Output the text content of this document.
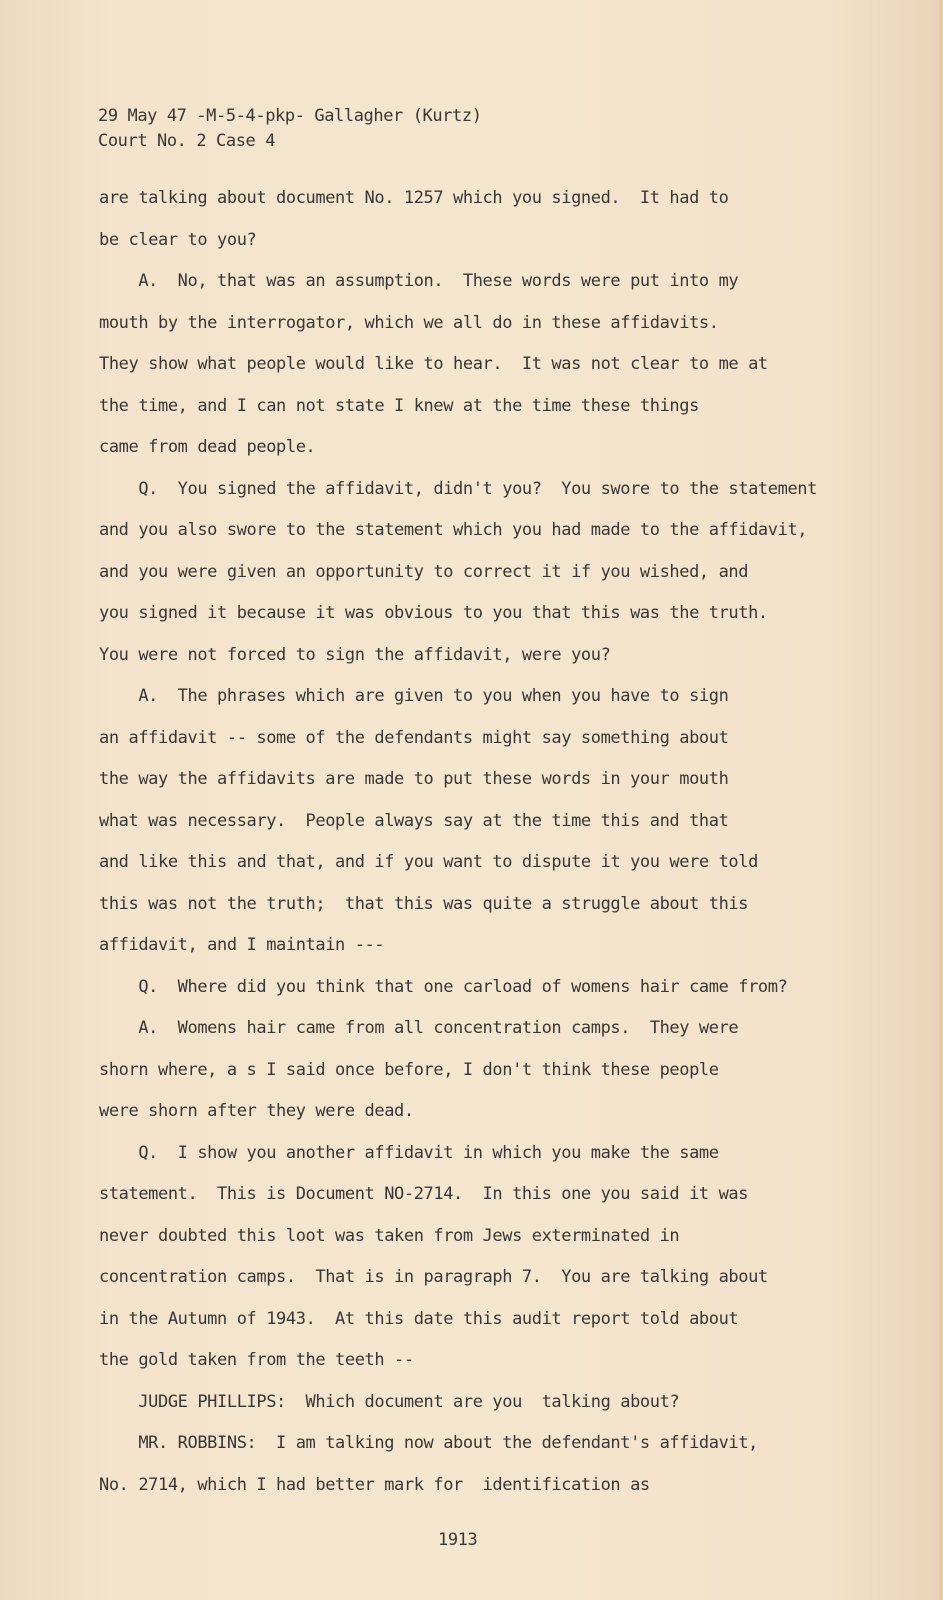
29 May 47 -M-5-4-pkp- Gallagher (Kurtz)
Court No. 2 Case 4
are talking about document No. 1257 which you signed.  It had to
be clear to you?
A.  No, that was an assumption.  These words were put into my
mouth by the interrogator, which we all do in these affidavits.
They show what people would like to hear.  It was not clear to me at
the time, and I can not state I knew at the time these things
came from dead people.
Q.  You signed the affidavit, didn't you?  You swore to the statement
and you also swore to the statement which you had made to the affidavit,
and you were given an opportunity to correct it if you wished, and
you signed it because it was obvious to you that this was the truth.
You were not forced to sign the affidavit, were you?
A.  The phrases which are given to you when you have to sign
an affidavit -- some of the defendants might say something about
the way the affidavits are made to put these words in your mouth
what was necessary.  People always say at the time this and that
and like this and that, and if you want to dispute it you were told
this was not the truth;  that this was quite a struggle about this
affidavit, and I maintain ---
Q.  Where did you think that one carload of womens hair came from?
A.  Womens hair came from all concentration camps.  They were
shorn where, a s I said once before, I don't think these people
were shorn after they were dead.
Q.  I show you another affidavit in which you make the same
statement.  This is Document NO-2714.  In this one you said it was
never doubted this loot was taken from Jews exterminated in
concentration camps.  That is in paragraph 7.  You are talking about
in the Autumn of 1943.  At this date this audit report told about
the gold taken from the teeth --
JUDGE PHILLIPS:  Which document are you  talking about?
MR. ROBBINS:  I am talking now about the defendant's affidavit,
No. 2714, which I had better mark for  identification as
1913
